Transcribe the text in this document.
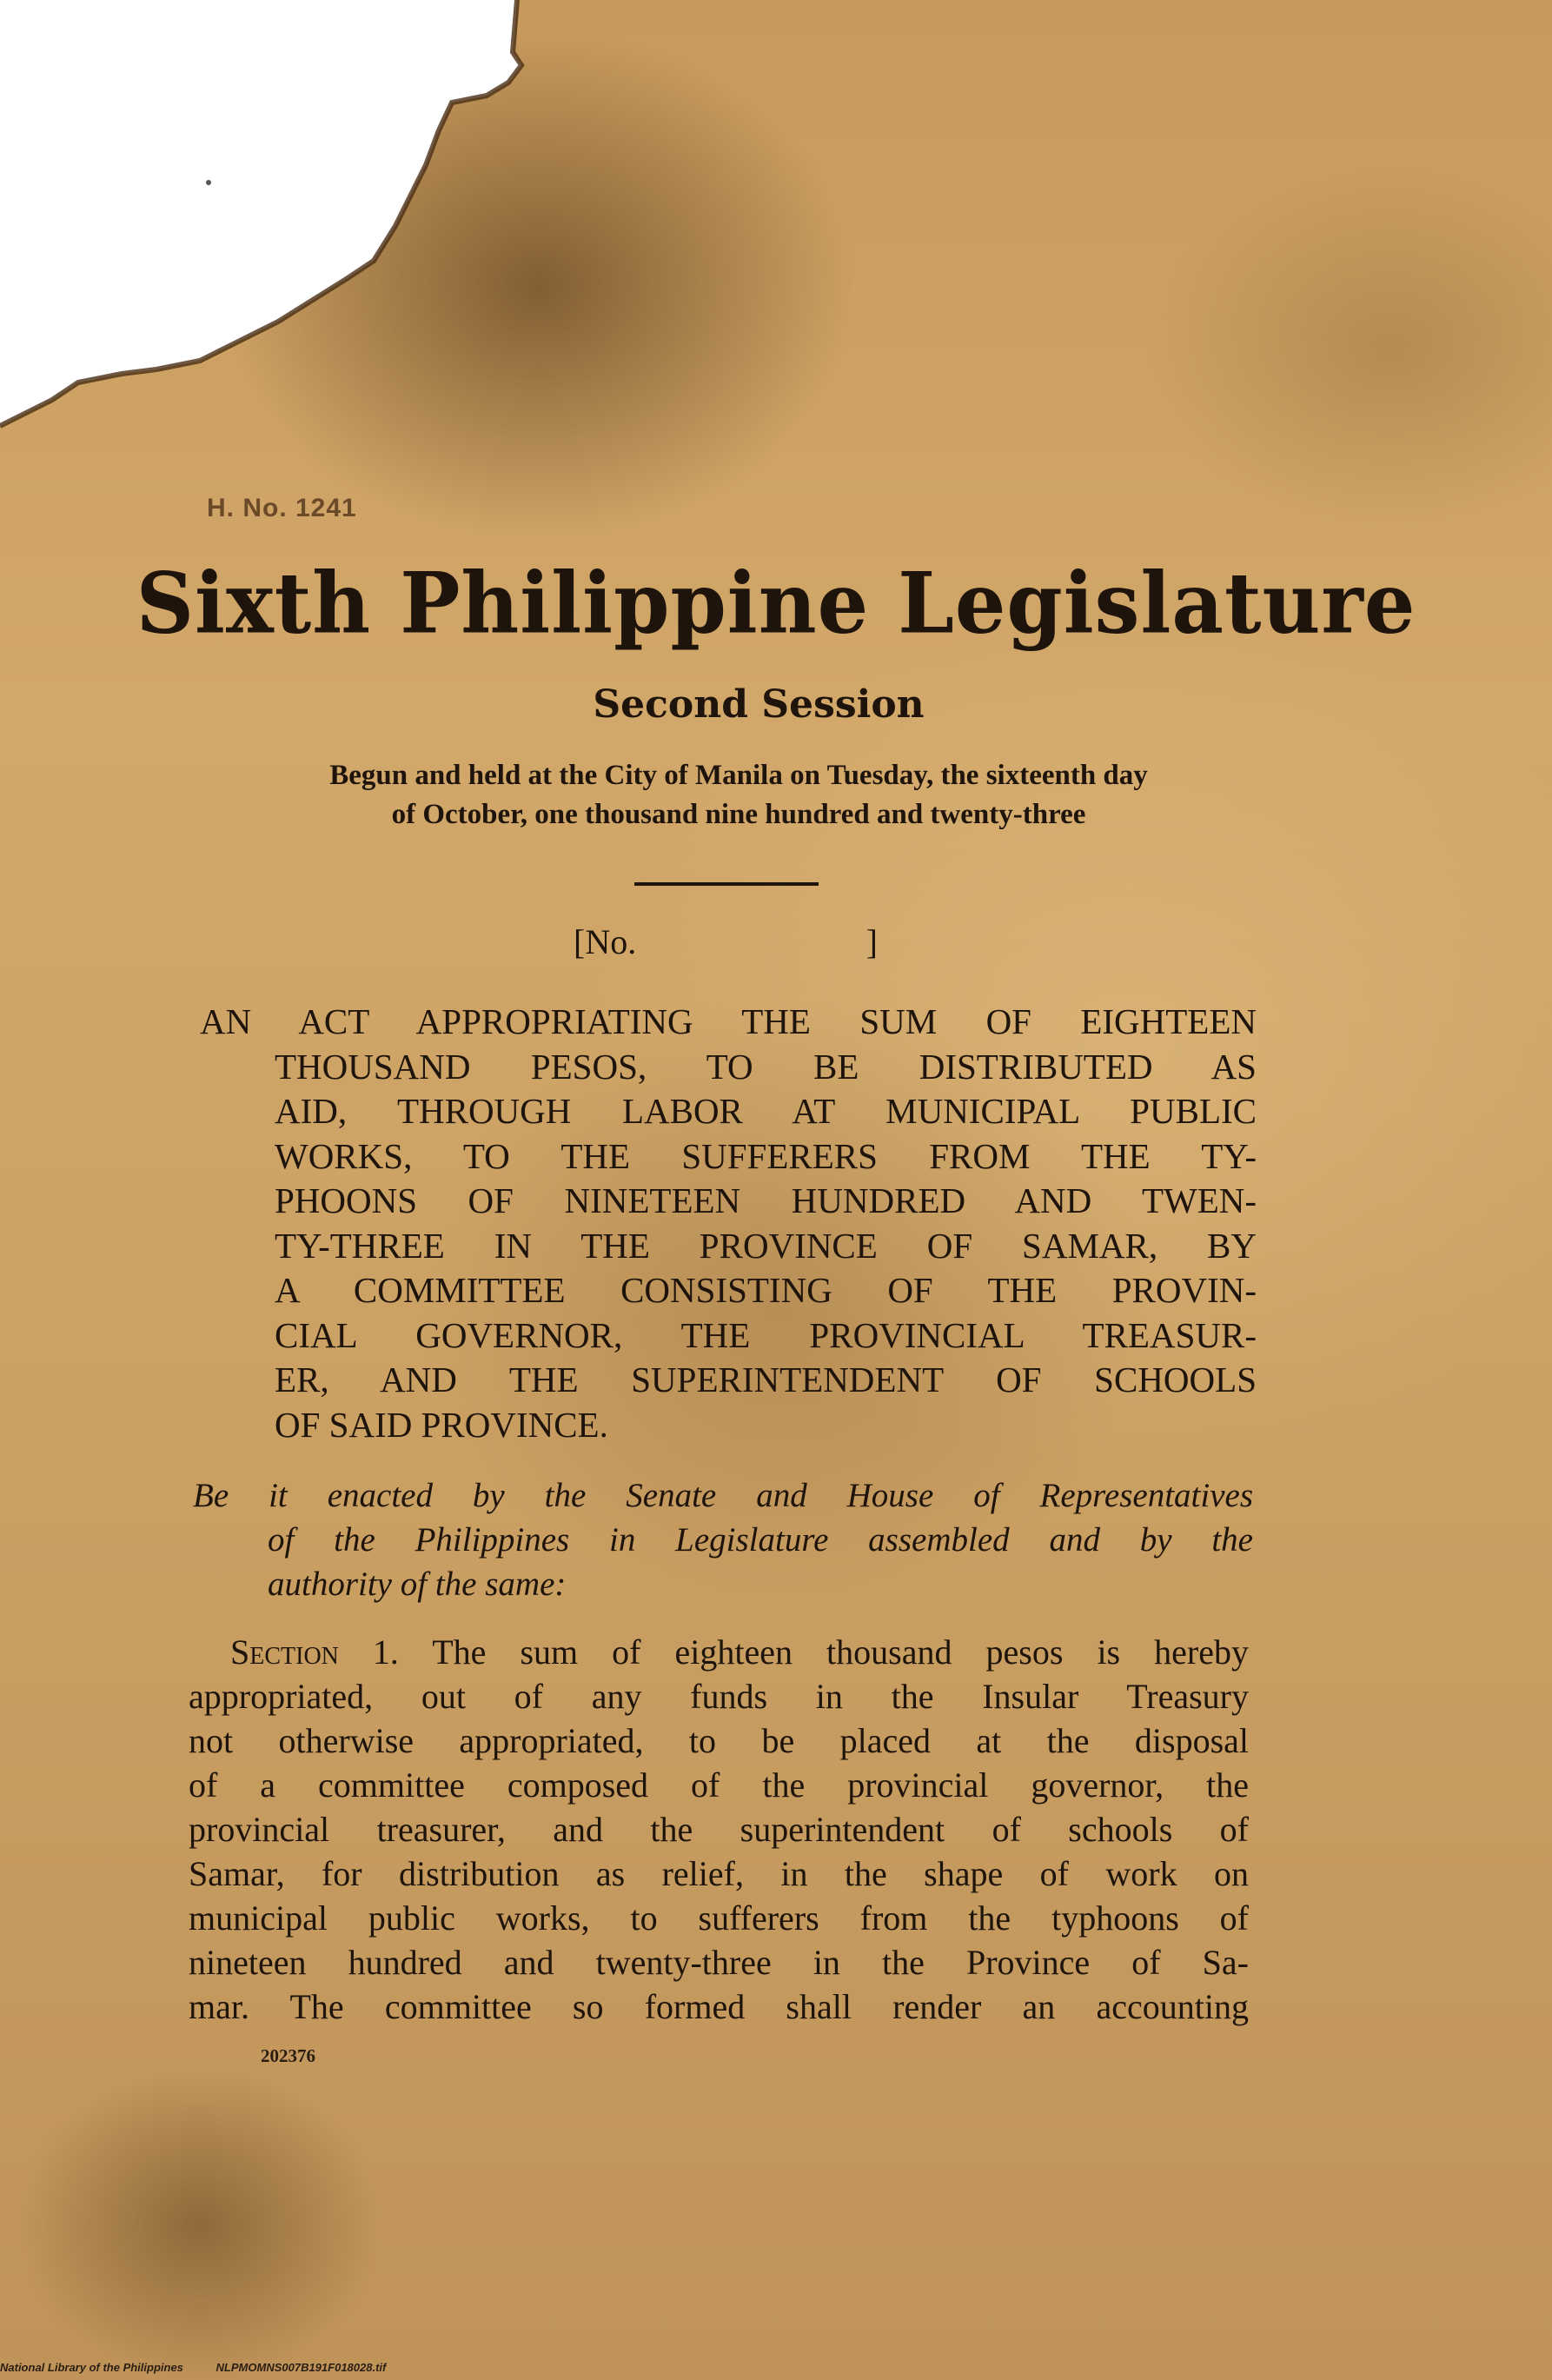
H. No. 1241
Sixth Philippine Legislature
Second Session
Begun and held at the City of Manila on Tuesday, the sixteenth day
of October, one thousand nine hundred and twenty-three
[No.	]
AN ACT APPROPRIATING THE SUM OF EIGHTEEN
THOUSAND PESOS, TO BE DISTRIBUTED AS
AID, THROUGH LABOR AT MUNICIPAL PUBLIC
WORKS, TO THE SUFFERERS FROM THE TY-
PHOONS OF NINETEEN HUNDRED AND TWEN-
TY-THREE IN THE PROVINCE OF SAMAR, BY
A COMMITTEE CONSISTING OF THE PROVIN-
CIAL GOVERNOR, THE PROVINCIAL TREASUR-
ER, AND THE SUPERINTENDENT OF SCHOOLS
OF SAID PROVINCE.
Be it enacted by the Senate and House of Representatives
of the Philippines in Legislature assembled and by the
authority of the same:
Section 1. The sum of eighteen thousand pesos is hereby
appropriated, out of any funds in the Insular Treasury
not otherwise appropriated, to be placed at the disposal
of a committee composed of the provincial governor, the
provincial treasurer, and the superintendent of schools of
Samar, for distribution as relief, in the shape of work on
municipal public works, to sufferers from the typhoons of
nineteen hundred and twenty-three in the Province of Sa-
mar. The committee so formed shall render an accounting
202376
National Library of the Philippines	NLPMOMNS007B191F018028.tif
